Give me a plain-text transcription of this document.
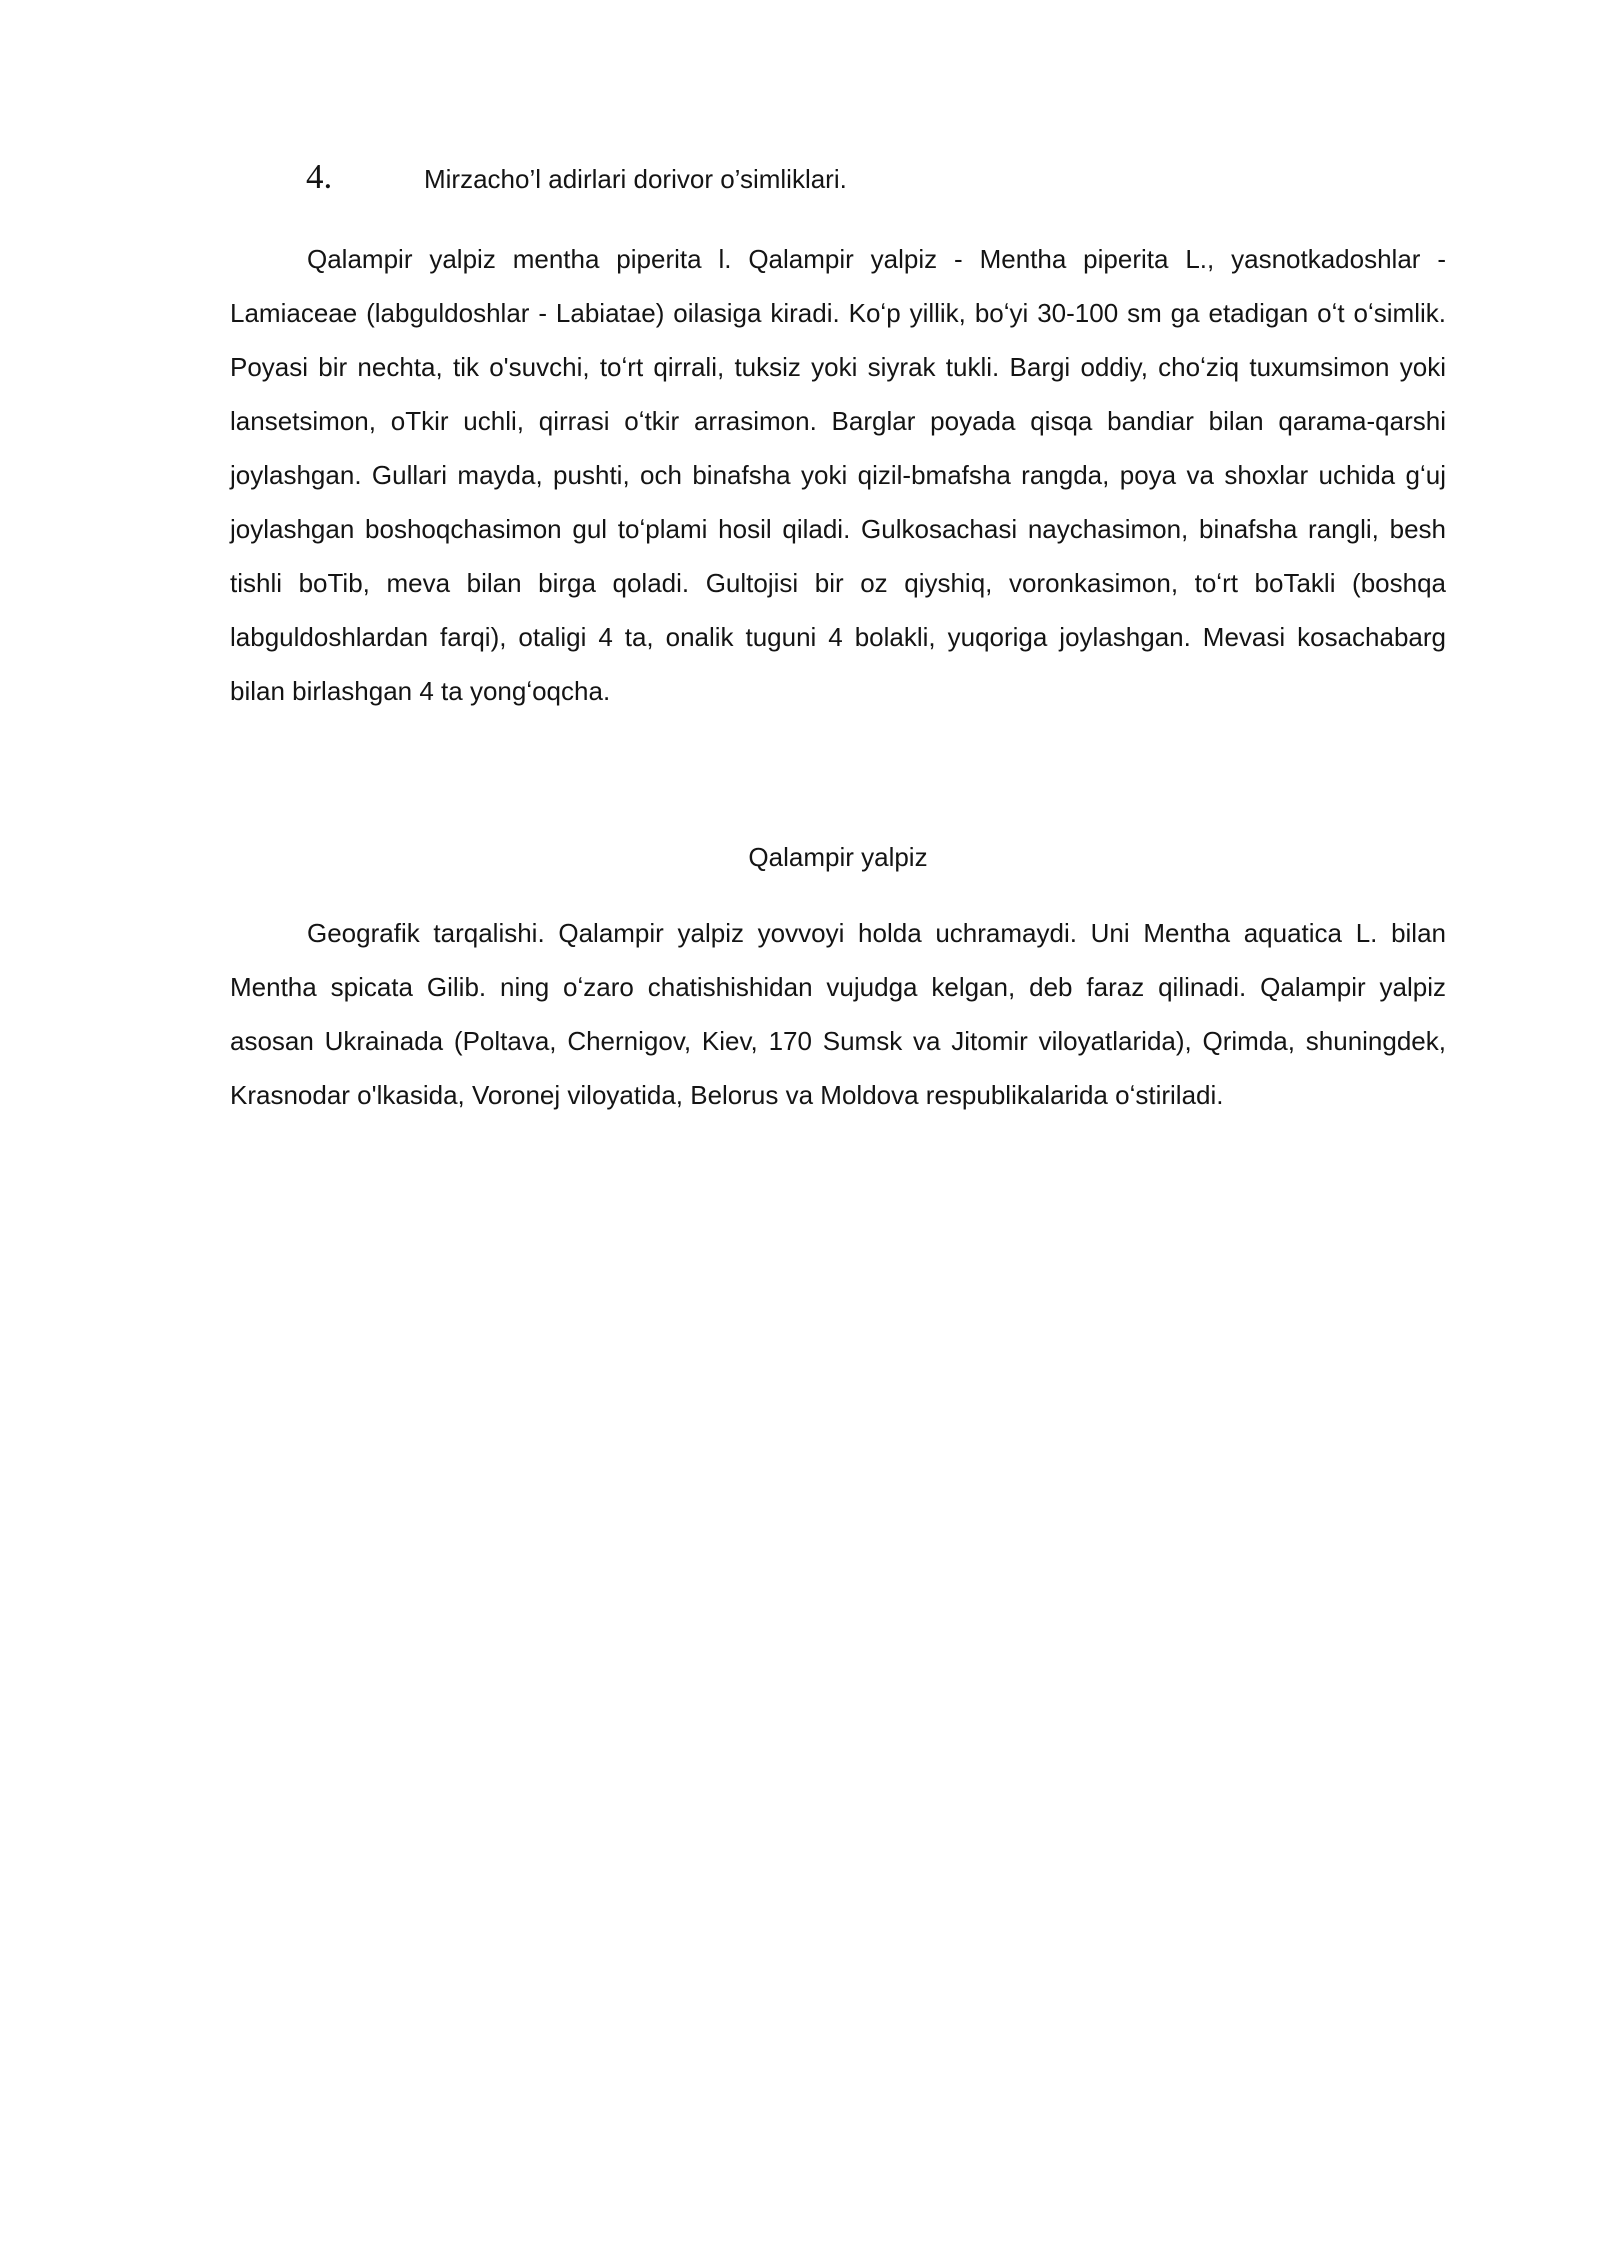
4.	Mirzacho’l adirlari dorivor o’simliklari.

Qalampir yalpiz mentha piperita l. Qalampir yalpiz - Mentha piperita L., yasnotkadoshlar - Lamiaceae (labguldoshlar - Labiatae) oilasiga kiradi. Koʻp yillik, boʻyi 30-100 sm ga etadigan oʻt oʻsimlik. Poyasi bir nechta, tik o'suvchi, toʻrt qirrali, tuksiz yoki siyrak tukli. Bargi oddiy, choʻziq tuxumsimon yoki lansetsimon, oTkir uchli, qirrasi oʻtkir arrasimon. Barglar poyada qisqa bandiar bilan qarama-qarshi joylashgan. Gullari mayda, pushti, och binafsha yoki qizil-bmafsha rangda, poya va shoxlar uchida gʻuj joylashgan boshoqchasimon gul toʻplami hosil qiladi. Gulkosachasi naychasimon, binafsha rangli, besh tishli boTib, meva bilan birga qoladi. Gultojisi bir oz qiyshiq, voronkasimon, toʻrt boTakli (boshqa labguldoshlardan farqi), otaligi 4 ta, onalik tuguni 4 bolakli, yuqoriga joylashgan. Mevasi kosachabarg bilan birlashgan 4 ta yongʻoqcha.

Qalampir yalpiz

Geografik tarqalishi. Qalampir yalpiz yovvoyi holda uchramaydi. Uni Mentha aquatica L. bilan Mentha spicata Gilib. ning oʻzaro chatishishidan vujudga kelgan, deb faraz qilinadi. Qalampir yalpiz asosan Ukrainada (Poltava, Chernigov, Kiev, 170 Sumsk va Jitomir viloyatlarida), Qrimda, shuningdek, Krasnodar o'lkasida, Voronej viloyatida, Belorus va Moldova respublikalarida oʻstiriladi.
